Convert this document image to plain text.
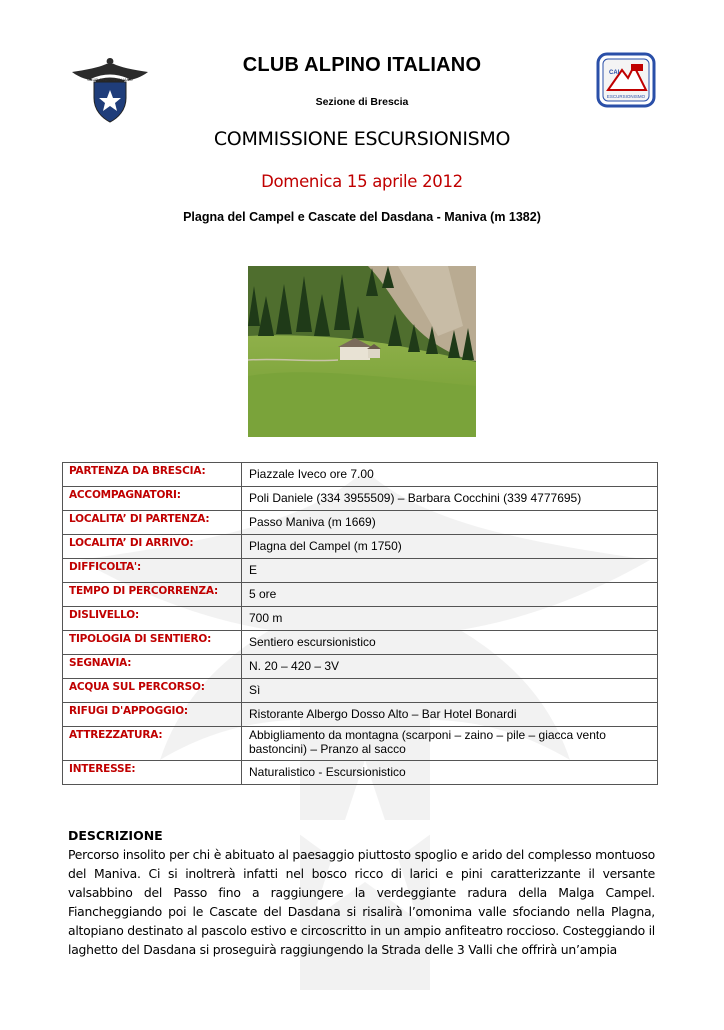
CLUB ALPINO ITALIANO
CAI
ESCURSIONISMO
CLUB ALPINO ITALIANO
Sezione di Brescia
COMMISSIONE ESCURSIONISMO
Domenica 15 aprile 2012
Plagna del Campel e Cascate del Dasdana - Maniva (m 1382)
PARTENZA DA BRESCIA:	Piazzale Iveco ore 7.00
ACCOMPAGNATORI:	Poli Daniele (334 3955509) – Barbara Cocchini (339 4777695)
LOCALITA’ DI PARTENZA:	Passo Maniva (m 1669)
LOCALITA’ DI ARRIVO:	Plagna del Campel (m 1750)
DIFFICOLTA':	E
TEMPO DI PERCORRENZA:	5 ore
DISLIVELLO:	700 m
TIPOLOGIA DI SENTIERO:	Sentiero escursionistico
SEGNAVIA:	N. 20 – 420 – 3V
ACQUA SUL PERCORSO:	Sì
RIFUGI D'APPOGGIO:	Ristorante Albergo Dosso Alto – Bar Hotel Bonardi
ATTREZZATURA:	Abbigliamento da montagna (scarponi – zaino – pile – giacca vento bastoncini) – Pranzo al sacco
INTERESSE:	Naturalistico - Escursionistico
DESCRIZIONE
Percorso insolito per chi è abituato al paesaggio piuttosto spoglio e arido del complesso montuoso del Maniva. Ci si inoltrerà infatti nel bosco ricco di larici e pini caratterizzante il versante valsabbino del Passo fino a raggiungere la verdeggiante radura della Malga Campel. Fiancheggiando poi le Cascate del Dasdana si risalirà l’omonima valle sfociando nella Plagna, altopiano destinato al pascolo estivo e circoscritto in un ampio anfiteatro roccioso. Costeggiando il laghetto del Dasdana si proseguirà raggiungendo la Strada delle 3 Valli che offrirà un’ampia
